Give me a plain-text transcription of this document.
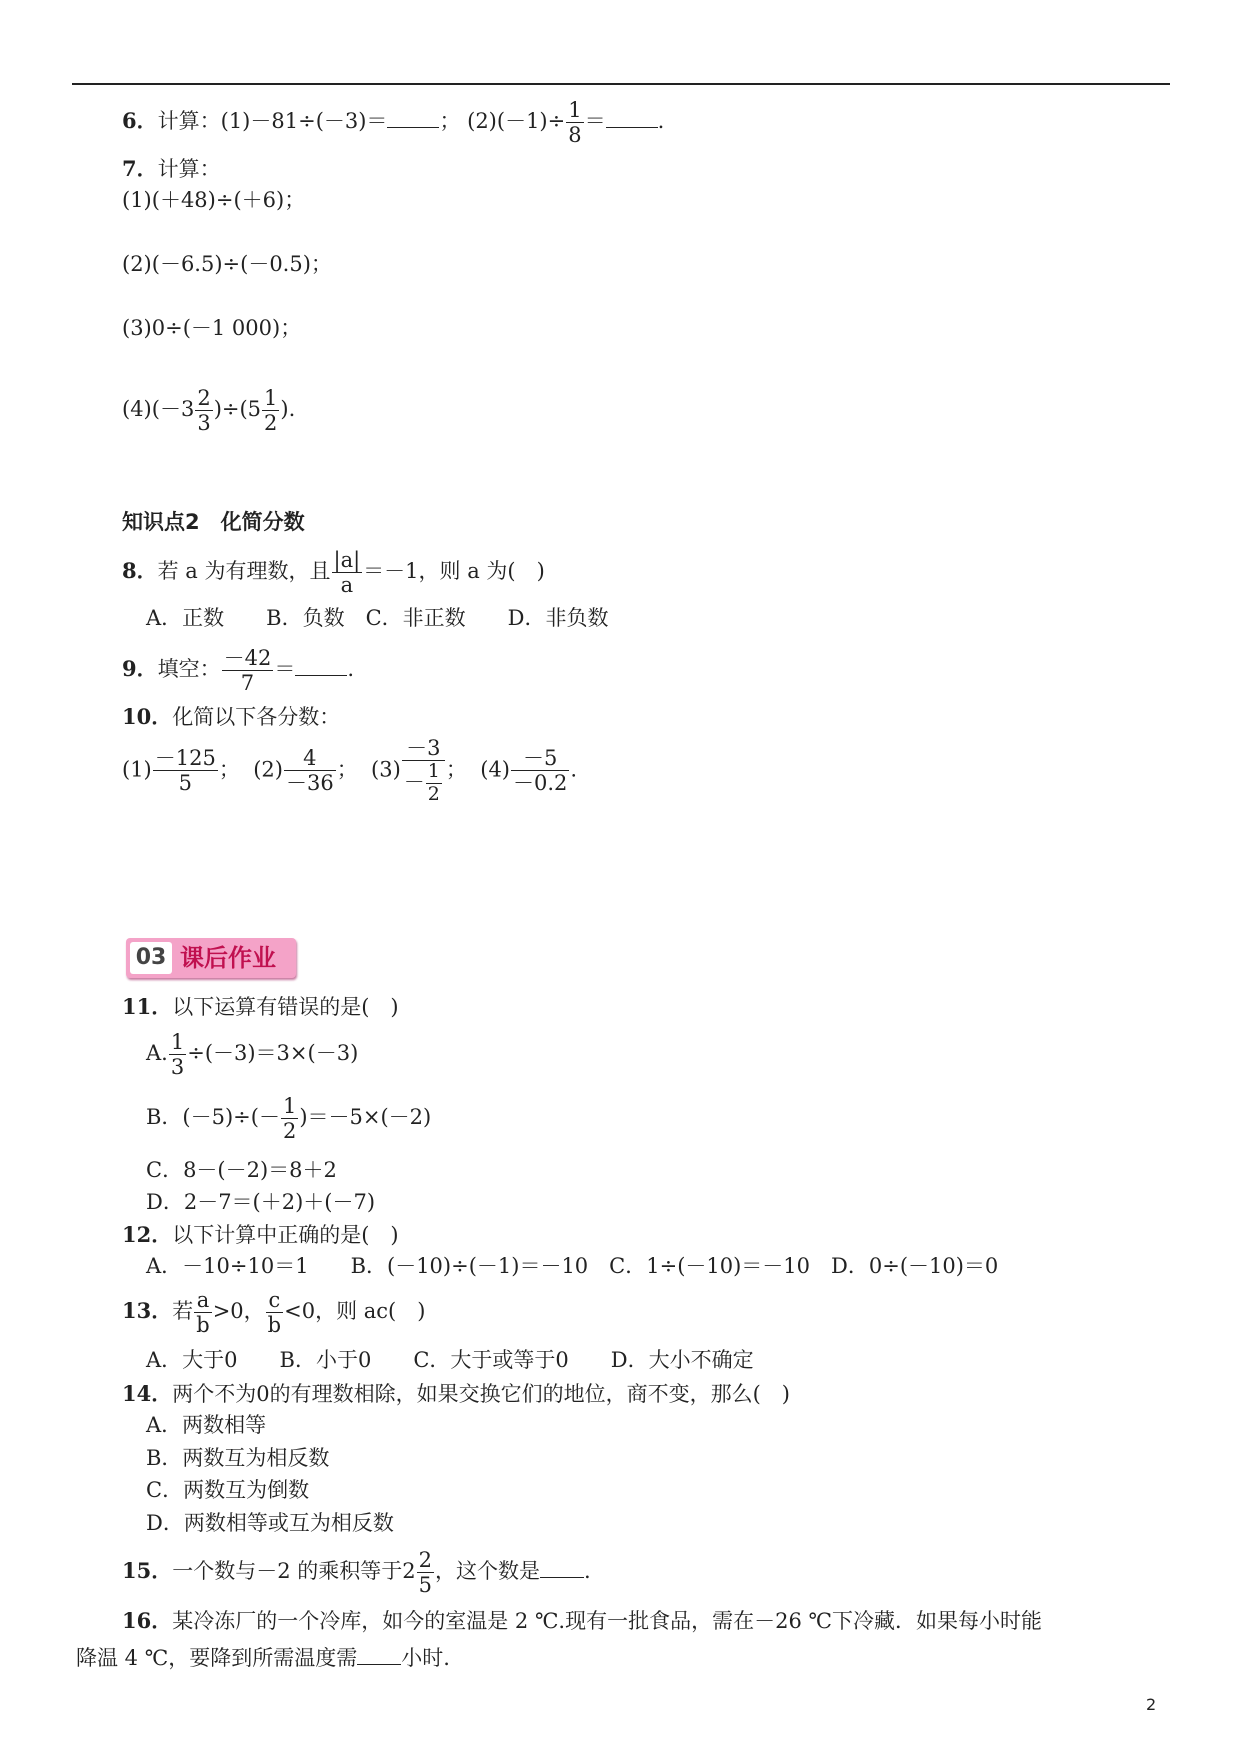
6．计算：(1)－81÷(－3)＝ ； $(2)(-1)\div \frac{1}{8}$ ＝ .
7．计算：
(1)(＋48)÷(＋6)；
(2)(－6.5)÷(－0.5)；
(3)0÷(－1 000)；
$(4)(-3 \frac{2}{3} )\div(5 \frac{1}{2}$ ).
知识点2　化简分数
8．若 a 为有理数，且 $\frac{|a|}{a} =-1$，则 a 为(　)
A．正数　　B．负数　C．非正数　　D．非负数
9．填空： $\frac{-42}{7}$ ＝ .
10．化简以下各分数：
$(1) \frac{-125}{5}$ ； $(2) \frac{4}{-36}$ ； $(3) \frac{-3}{- \frac{1}{2}}$ ； $(4) \frac{-5}{-0.2}$ .
03 课后作业
11．以下运算有错误的是(　)
A. $\frac{1}{3} \div(-3)=3\times(-3)$
B．$(-5)\div(- \frac{1}{2} )=-5\times(-2)$
C．8－(－2)＝8＋2
D．2－7＝(＋2)＋(－7)
12．以下计算中正确的是(　)
A．－10÷10＝1　　B．(－10)÷(－1)＝－10　C．1÷(－10)＝－10　D．0÷(－10)＝0
13．若 $\frac{a}{b} >0$， $\frac{c}{b} <0$，则 ac(　)
A．大于0　　B．小于0　　C．大于或等于0　　D．大小不确定
14．两个不为0的有理数相除，如果交换它们的地位，商不变，那么(　)
A．两数相等
B．两数互为相反数
C．两数互为倒数
D．两数相等或互为相反数
15．一个数与－2 的乘积等于$2 \frac{2}{5}$ ，这个数是 .
16．某冷冻厂的一个冷库，如今的室温是 2 ℃.现有一批食品，需在－26 ℃下冷藏．如果每小时能
降温 4 ℃，要降到所需温度需 小时.
2
